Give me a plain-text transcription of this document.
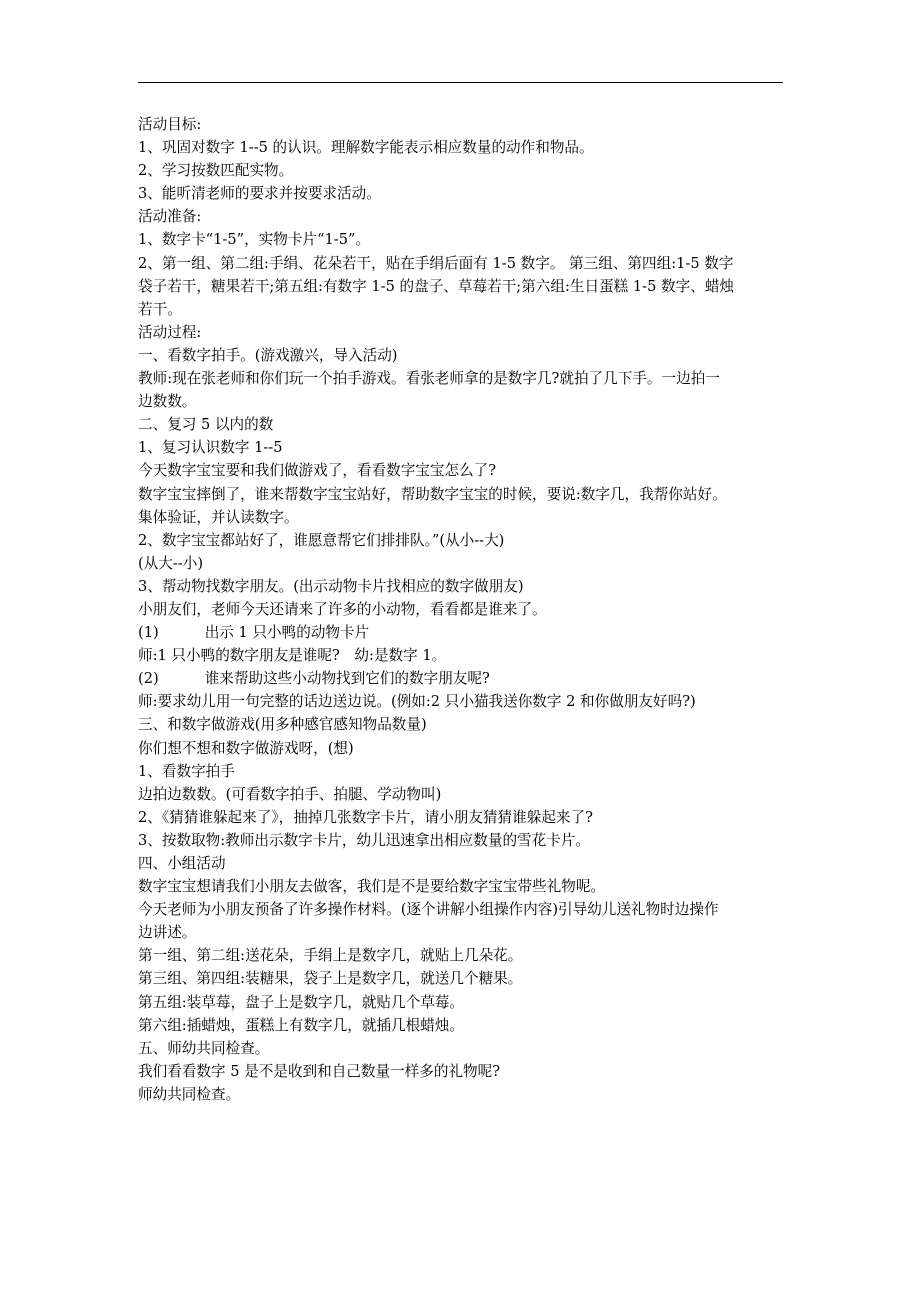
活动目标:
1、巩固对数字 1--5 的认识。理解数字能表示相应数量的动作和物品。
2、学习按数匹配实物。
3、能听清老师的要求并按要求活动。
活动准备:
1、数字卡“1-5”，实物卡片“1-5”。
2、第一组、第二组:手绢、花朵若干，贴在手绢后面有 1-5 数字。 第三组、第四组:1-5 数字
袋子若干，糖果若干;第五组:有数字 1-5 的盘子、草莓若干;第六组:生日蛋糕 1-5 数字、蜡烛
若干。
活动过程:
一、看数字拍手。(游戏激兴，导入活动)
教师:现在张老师和你们玩一个拍手游戏。看张老师拿的是数字几?就拍了几下手。一边拍一
边数数。
二、复习 5 以内的数
1、复习认识数字 1--5
今天数字宝宝要和我们做游戏了，看看数字宝宝怎么了?
数字宝宝摔倒了，谁来帮数字宝宝站好，帮助数字宝宝的时候，要说:数字几，我帮你站好。
集体验证，并认读数字。
2、数字宝宝都站好了，谁愿意帮它们排排队。”(从小--大)
(从大--小)
3、帮动物找数字朋友。(出示动物卡片找相应的数字做朋友)
小朋友们，老师今天还请来了许多的小动物，看看都是谁来了。
(1)	出示 1 只小鸭的动物卡片
师:1 只小鸭的数字朋友是谁呢?　幼:是数字 1。
(2)	谁来帮助这些小动物找到它们的数字朋友呢?
师:要求幼儿用一句完整的话边送边说。(例如:2 只小猫我送你数字 2 和你做朋友好吗?)
三、和数字做游戏(用多种感官感知物品数量)
你们想不想和数字做游戏呀，(想)
1、看数字拍手
边拍边数数。(可看数字拍手、拍腿、学动物叫)
2、《猜猜谁躲起来了》，抽掉几张数字卡片，请小朋友猜猜谁躲起来了?
3、按数取物:教师出示数字卡片，幼儿迅速拿出相应数量的雪花卡片。
四、小组活动
数字宝宝想请我们小朋友去做客，我们是不是要给数字宝宝带些礼物呢。
今天老师为小朋友预备了许多操作材料。(逐个讲解小组操作内容)引导幼儿送礼物时边操作
边讲述。
第一组、第二组:送花朵，手绢上是数字几，就贴上几朵花。
第三组、第四组:装糖果，袋子上是数字几，就送几个糖果。
第五组:装草莓，盘子上是数字几，就贴几个草莓。
第六组:插蜡烛，蛋糕上有数字几，就插几根蜡烛。
五、师幼共同检查。
我们看看数字 5 是不是收到和自己数量一样多的礼物呢?
师幼共同检查。
